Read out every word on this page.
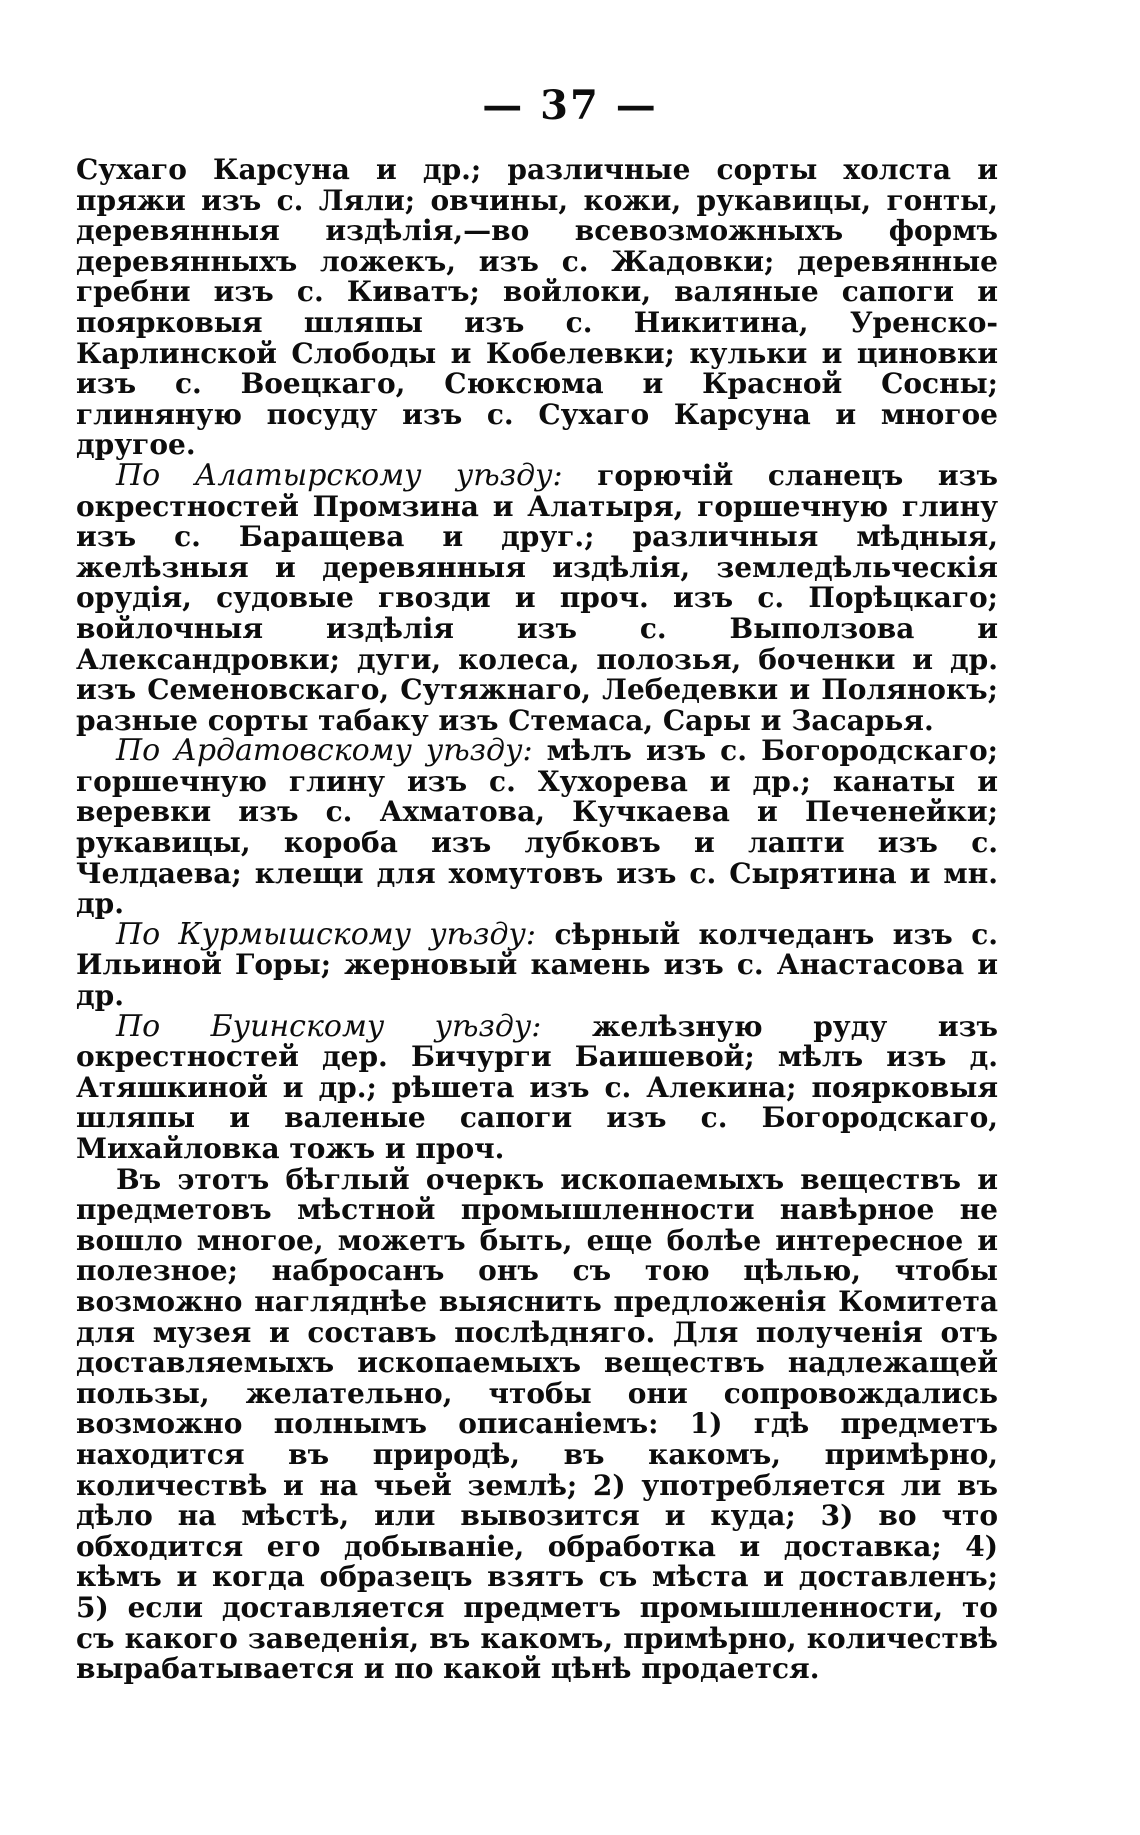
— 37 —

Сухаго Карсуна и др.; различные сорты холста и пряжи изъ с. Ляли; овчины, кожи, рукавицы, гонты, деревянныя издѣлія,—во всевозможныхъ формъ деревянныхъ ложекъ, изъ с. Жадовки; деревянные гребни изъ с. Киватъ; войлоки, валяные сапоги и поярковыя шляпы изъ с. Никитина, Уренско-Карлинской Слободы и Кобелевки; кульки и циновки изъ с. Воецкаго, Сюксюма и Красной Сосны; глиняную посуду изъ с. Сухаго Карсуна и многое другое.

По Алатырскому уѣзду: горючій сланецъ изъ окрестностей Промзина и Алатыря, горшечную глину изъ с. Баращева и друг.; различныя мѣдныя, желѣзныя и деревянныя издѣлія, земледѣльческія орудія, судовые гвозди и проч. изъ с. Порѣцкаго; войлочныя издѣлія изъ с. Выползова и Александровки; дуги, колеса, полозья, боченки и др. изъ Семеновскаго, Сутяжнаго, Лебедевки и Полянокъ; разные сорты табаку изъ Стемаса, Сары и Засарья.

По Ардатовскому уѣзду: мѣлъ изъ с. Богородскаго; горшечную глину изъ с. Хухорева и др.; канаты и веревки изъ с. Ахматова, Кучкаева и Печенейки; рукавицы, короба изъ лубковъ и лапти изъ с. Челдаева; клещи для хомутовъ изъ с. Сырятина и мн. др.

По Курмышскому уѣзду: сѣрный колчеданъ изъ с. Ильиной Горы; жерновый камень изъ с. Анастасова и др.

По Буинскому уѣзду: желѣзную руду изъ окрестностей дер. Бичурги Баишевой; мѣлъ изъ д. Атяшкиной и др.; рѣшета изъ с. Алекина; поярковыя шляпы и валеные сапоги изъ с. Богородскаго, Михайловка тожъ и проч.

Въ этотъ бѣглый очеркъ ископаемыхъ веществъ и предметовъ мѣстной промышленности навѣрное не вошло многое, можетъ быть, еще болѣе интересное и полезное; набросанъ онъ съ тою цѣлью, чтобы возможно нагляднѣе выяснить предложенія Комитета для музея и составъ послѣдняго. Для полученія отъ доставляемыхъ ископаемыхъ веществъ надлежащей пользы, желательно, чтобы они сопровождались возможно полнымъ описаніемъ: 1) гдѣ предметъ находится въ природѣ, въ какомъ, примѣрно, количествѣ и на чьей землѣ; 2) употребляется ли въ дѣло на мѣстѣ, или вывозится и куда; 3) во что обходится его добываніе, обработка и доставка; 4) кѣмъ и когда образецъ взятъ съ мѣста и доставленъ; 5) если доставляется предметъ промышленности, то съ какого заведенія, въ какомъ, примѣрно, количествѣ вырабатывается и по какой цѣнѣ продается.
